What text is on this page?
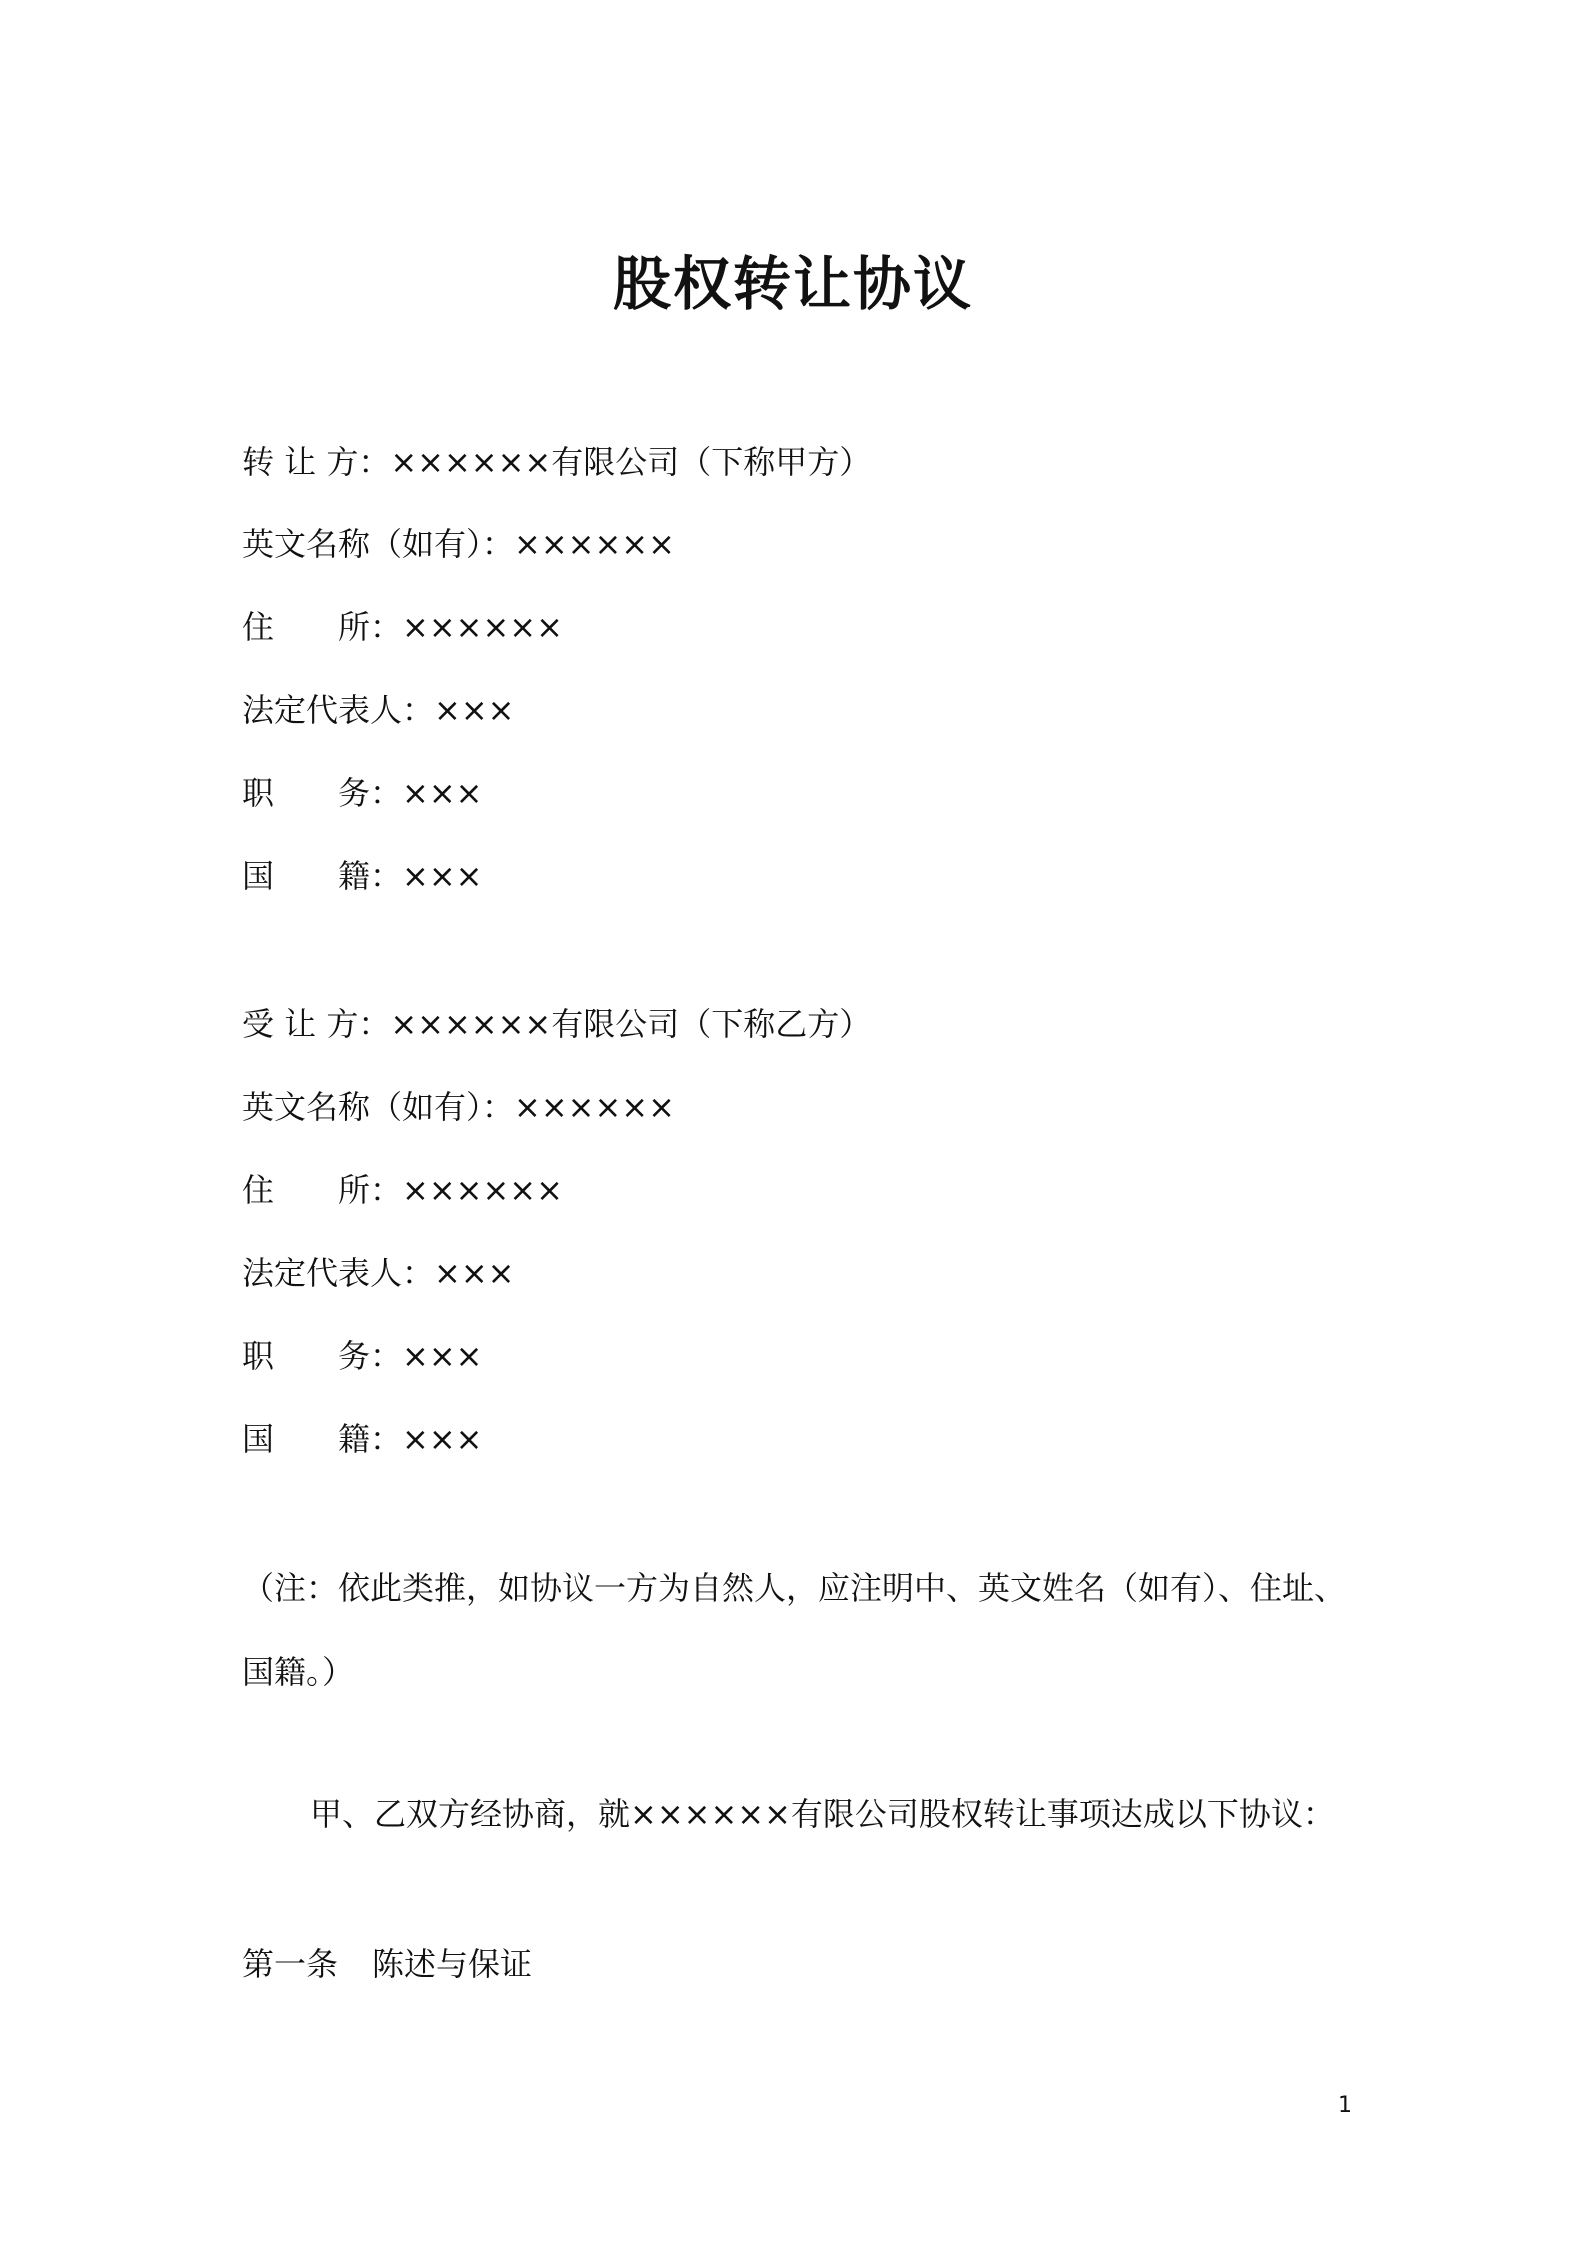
股权转让协议
转 让 方：××××××有限公司（下称甲方）
英文名称（如有）：××××××
住　　所：××××××
法定代表人：×××
职　　务：×××
国　　籍：×××
受 让 方：××××××有限公司（下称乙方）
英文名称（如有）：××××××
住　　所：××××××
法定代表人：×××
职　　务：×××
国　　籍：×××
（注：依此类推，如协议一方为自然人，应注明中、英文姓名（如有）、住址、国籍。）
甲、乙双方经协商，就××××××有限公司股权转让事项达成以下协议：
第一条 陈述与保证
1
